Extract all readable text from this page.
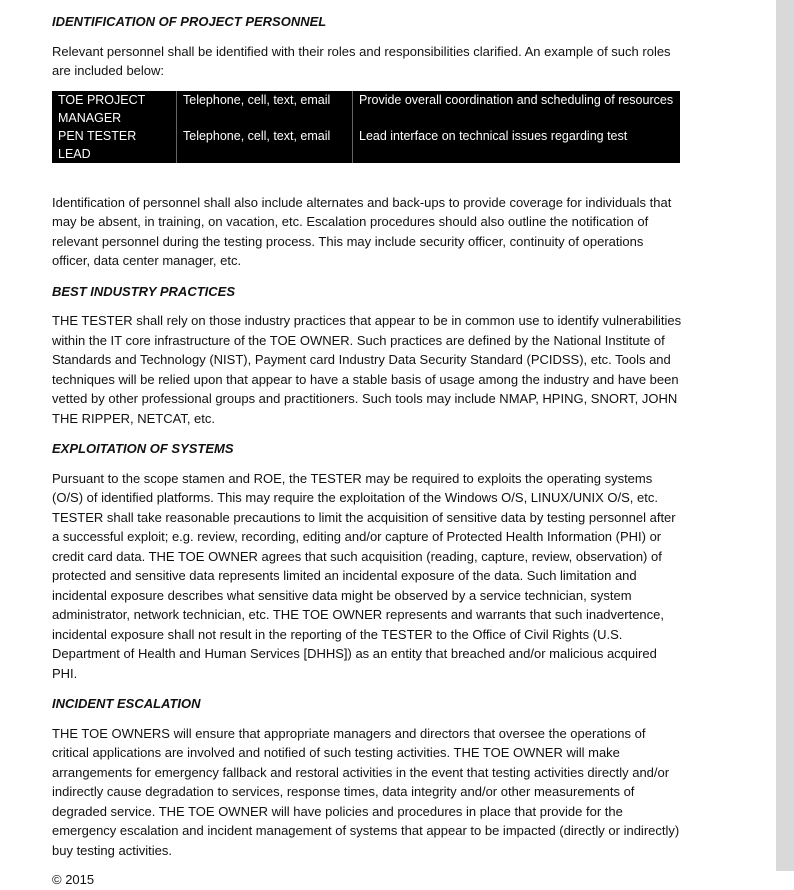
IDENTIFICATION OF PROJECT PERSONNEL

Relevant personnel shall be identified with their roles and responsibilities clarified. An example of such roles are included below:

TOE PROJECT MANAGER	Telephone, cell, text, email	Provide overall coordination and scheduling of resources
PEN TESTER LEAD	Telephone, cell, text, email	Lead interface on technical issues regarding test

Identification of personnel shall also include alternates and back-ups to provide coverage for individuals that may be absent, in training, on vacation, etc. Escalation procedures should also outline the notification of relevant personnel during the testing process. This may include security officer, continuity of operations officer, data center manager, etc.

BEST INDUSTRY PRACTICES

THE TESTER shall rely on those industry practices that appear to be in common use to identify vulnerabilities within the IT core infrastructure of the TOE OWNER. Such practices are defined by the National Institute of Standards and Technology (NIST), Payment card Industry Data Security Standard (PCIDSS), etc. Tools and techniques will be relied upon that appear to have a stable basis of usage among the industry and have been vetted by other professional groups and practitioners. Such tools may include NMAP, HPING, SNORT, JOHN THE RIPPER, NETCAT, etc.

EXPLOITATION OF SYSTEMS

Pursuant to the scope stamen and ROE, the TESTER may be required to exploits the operating systems (O/S) of identified platforms. This may require the exploitation of the Windows O/S, LINUX/UNIX O/S, etc. TESTER shall take reasonable precautions to limit the acquisition of sensitive data by testing personnel after a successful exploit; e.g. review, recording, editing and/or capture of Protected Health Information (PHI) or credit card data. THE TOE OWNER agrees that such acquisition (reading, capture, review, observation) of protected and sensitive data represents limited an incidental exposure of the data. Such limitation and incidental exposure describes what sensitive data might be observed by a service technician, system administrator, network technician, etc. THE TOE OWNER represents and warrants that such inadvertence, incidental exposure shall not result in the reporting of the TESTER to the Office of Civil Rights (U.S. Department of Health and Human Services [DHHS]) as an entity that breached and/or malicious acquired PHI.

INCIDENT ESCALATION

THE TOE OWNERS will ensure that appropriate managers and directors that oversee the operations of critical applications are involved and notified of such testing activities. THE TOE OWNER will make arrangements for emergency fallback and restoral activities in the event that testing activities directly and/or indirectly cause degradation to services, response times, data integrity and/or other measurements of degraded service. THE TOE OWNER will have policies and procedures in place that provide for the emergency escalation and incident management of systems that appear to be impacted (directly or indirectly) buy testing activities.

© 2015
